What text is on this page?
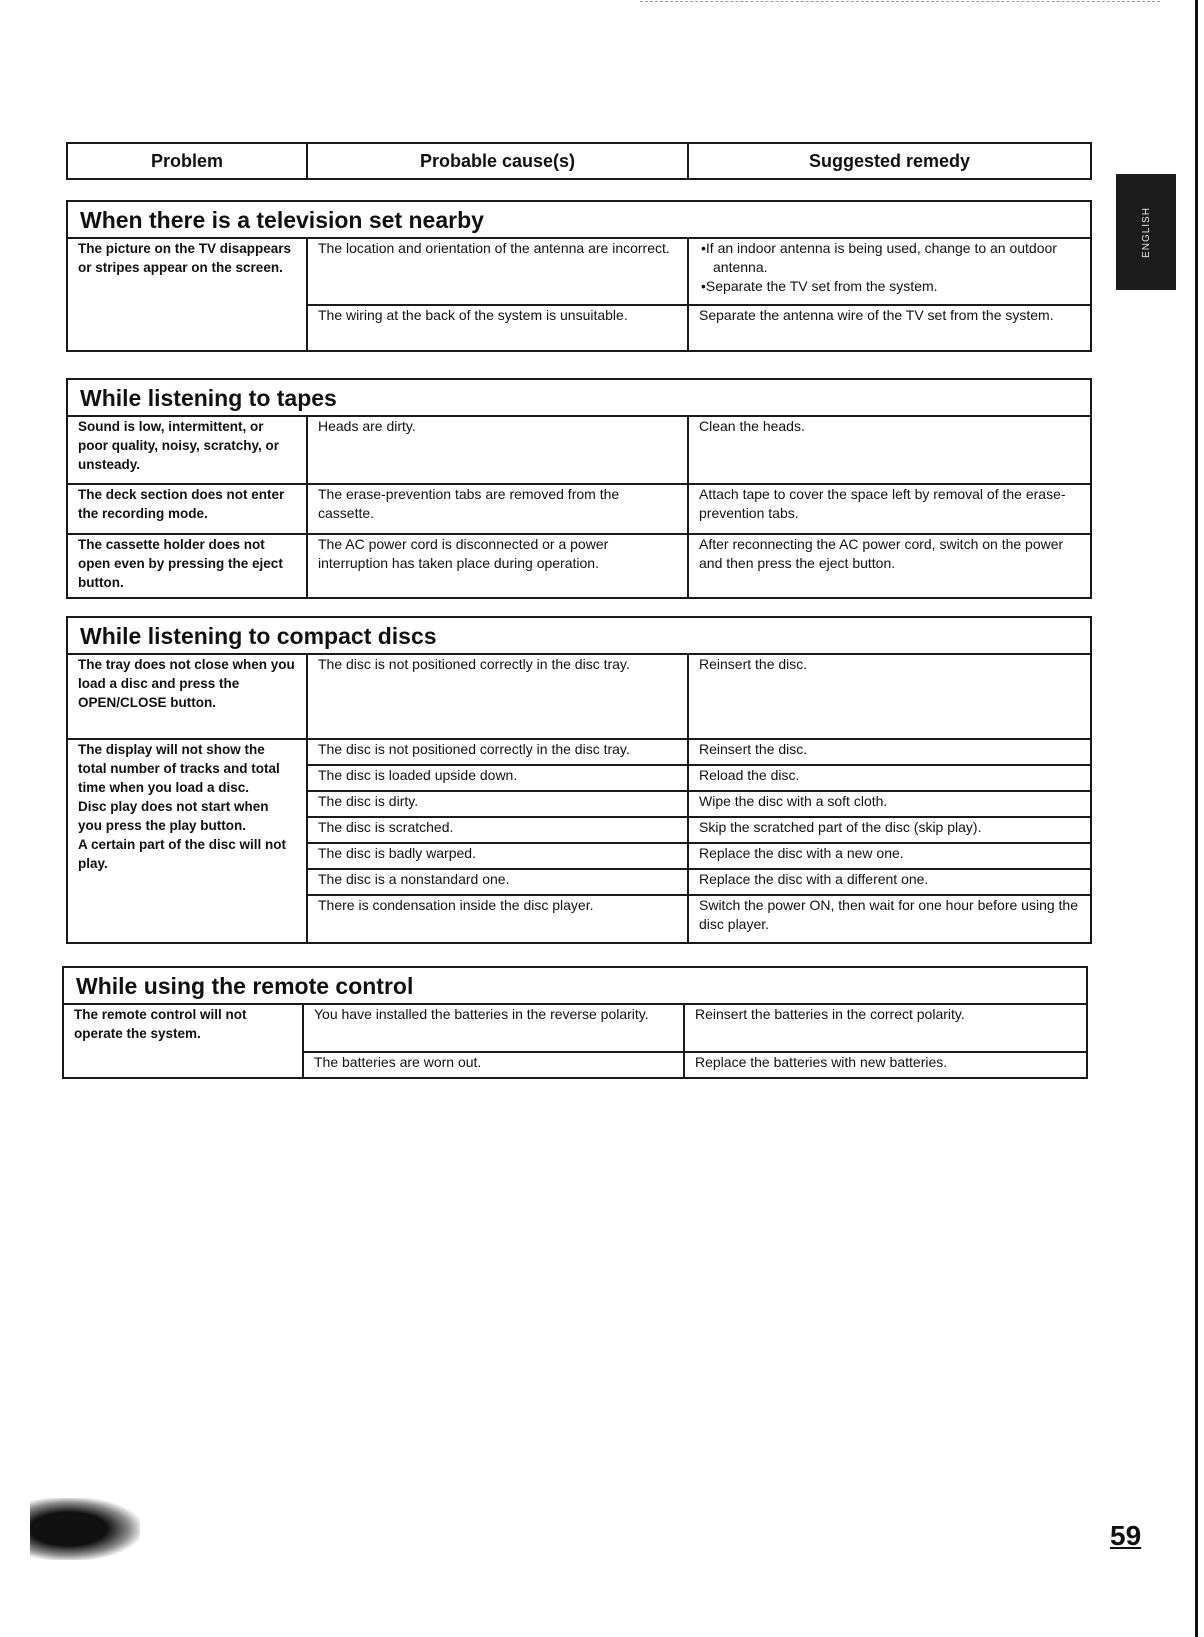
ENGLISH
Problem	Probable cause(s)	Suggested remedy
When there is a television set nearby		
The picture on the TV disappears or stripes appear on the screen.	The location and orientation of the antenna are incorrect.	•If an indoor antenna is being used, change to an outdoor antenna.
•Separate the TV set from the system.

	The wiring at the back of the system is unsuitable.	Separate the antenna wire of the TV set from the system.
While listening to tapes		
Sound is low, intermittent, or poor quality, noisy, scratchy, or unsteady.	Heads are dirty.	Clean the heads.
The deck section does not enter the recording mode.	The erase-prevention tabs are removed from the cassette.	Attach tape to cover the space left by removal of the erase-prevention tabs.
The cassette holder does not open even by pressing the eject button.	The AC power cord is disconnected or a power interruption has taken place during operation.	After reconnecting the AC power cord, switch on the power and then press the eject button.
While listening to compact discs		
The tray does not close when you load a disc and press the OPEN/CLOSE button.	The disc is not positioned correctly in the disc tray.	Reinsert the disc.

The display will not show the total number of tracks and total time when you load a disc.
Disc play does not start when you press the play button.
A certain part of the disc will not play.	The disc is not positioned correctly in the disc tray.	Reinsert the disc.
	The disc is loaded upside down.	Reload the disc.
	The disc is dirty.	Wipe the disc with a soft cloth.
	The disc is scratched.	Skip the scratched part of the disc (skip play).
	The disc is badly warped.	Replace the disc with a new one.
	The disc is a nonstandard one.	Replace the disc with a different one.
	There is condensation inside the disc player.	Switch the power ON, then wait for one hour before using the disc player.
While using the remote control		
The remote control will not operate the system.	You have installed the batteries in the reverse polarity.	Reinsert the batteries in the correct polarity.
	The batteries are worn out.	Replace the batteries with new batteries.
59
